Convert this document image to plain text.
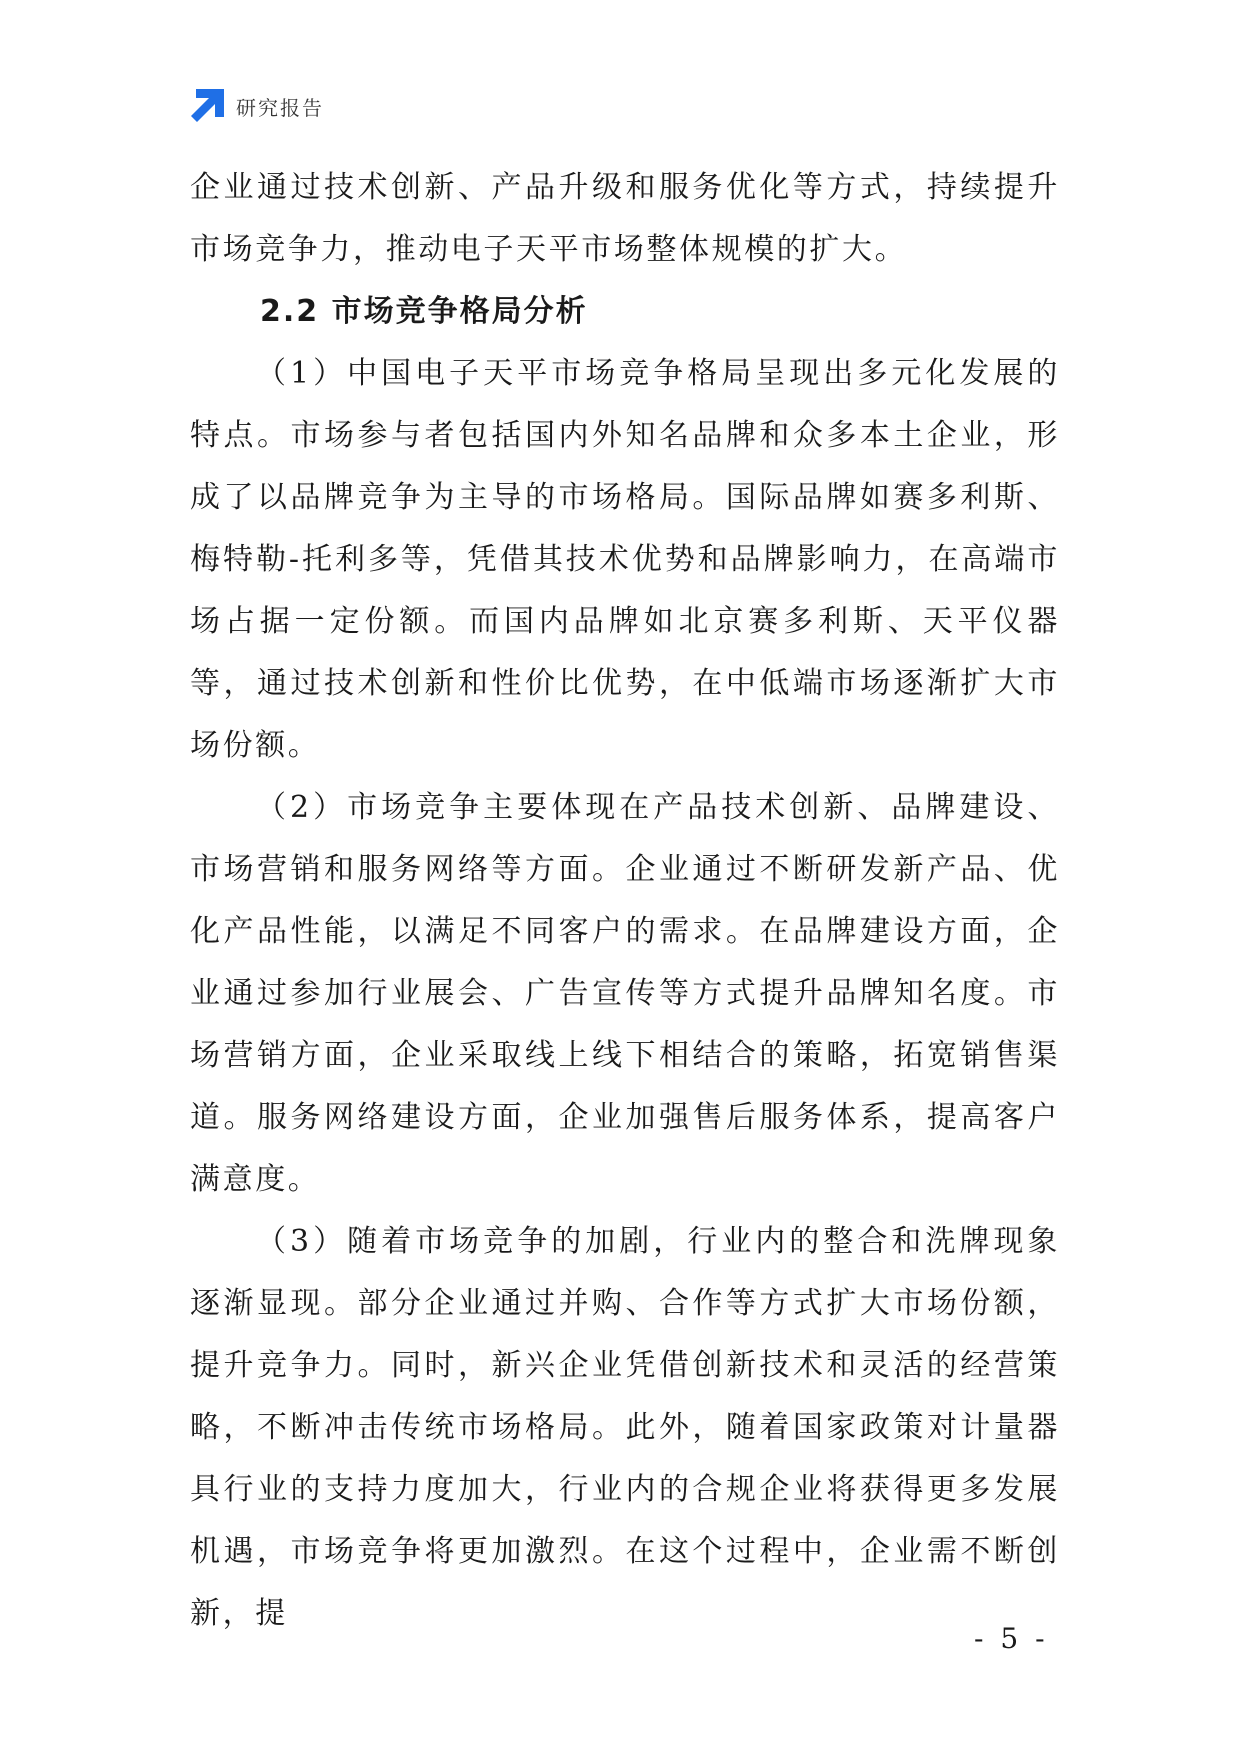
研究报告

企业通过技术创新、产品升级和服务优化等方式，持续提升市场竞争力，推动电子天平市场整体规模的扩大。

2.2 市场竞争格局分析

（1）中国电子天平市场竞争格局呈现出多元化发展的特点。市场参与者包括国内外知名品牌和众多本土企业，形成了以品牌竞争为主导的市场格局。国际品牌如赛多利斯、梅特勒-托利多等，凭借其技术优势和品牌影响力，在高端市场占据一定份额。而国内品牌如北京赛多利斯、天平仪器等，通过技术创新和性价比优势，在中低端市场逐渐扩大市场份额。

（2）市场竞争主要体现在产品技术创新、品牌建设、市场营销和服务网络等方面。企业通过不断研发新产品、优化产品性能，以满足不同客户的需求。在品牌建设方面，企业通过参加行业展会、广告宣传等方式提升品牌知名度。市场营销方面，企业采取线上线下相结合的策略，拓宽销售渠道。服务网络建设方面，企业加强售后服务体系，提高客户满意度。

（3）随着市场竞争的加剧，行业内的整合和洗牌现象逐渐显现。部分企业通过并购、合作等方式扩大市场份额，提升竞争力。同时，新兴企业凭借创新技术和灵活的经营策略，不断冲击传统市场格局。此外，随着国家政策对计量器具行业的支持力度加大，行业内的合规企业将获得更多发展机遇，市场竞争将更加激烈。在这个过程中，企业需不断创新，提

- 5 -
